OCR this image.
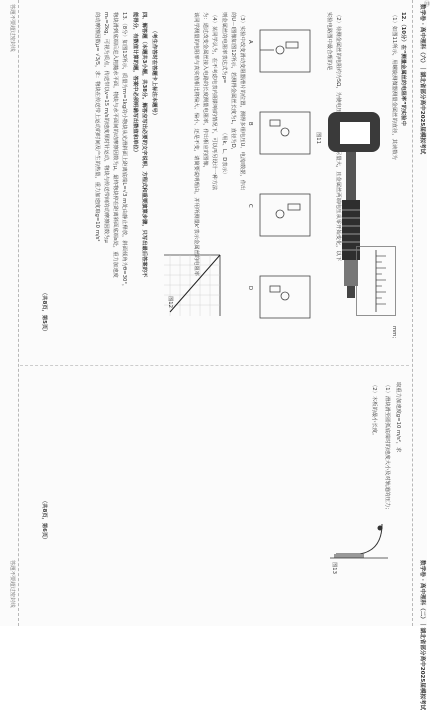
数学卷 · 高中理科（六）｜湖北省部分高中2025届模拟考试 ⑬
数学卷 · 高中理科（二）｜湖北省部分高中2025届模拟考试
答题不要超过密封线
答题不要超过密封线
12.（10分）在“测量金属丝的电阻率”的实验中
（1）如图11所示，用螺旋测微器测量金属丝的直径，其读数为
mm；
实验电路图中最合理的是
（3）实验中改变滑动变阻器滑片的位置，测得多组电压U、电流I数据，作出
的U－I图像如图12所示，若测得金属丝长度为L，直径为D，
则金属丝的电阻率表达式为ρ=
（用k、L、D表示）
（4）某同学认为，在不考虑电表内阻影响的情况下，可以再另设计一种方法
为：通过改变金属丝接入电路的长度测量电阻率，作出相应的图像，
该同学测量的电阻率与真实值相比将偏大、偏小、还是不变，请简要说明理由，并用所测量k'表示金属丝的电阻率
（考生作答时在答题卡上标注本题号）
四、解答题（本题共3小题，共38分。解答应写出必要的文字说明、方程式和重要演算步骤，只写出最后答案的不
能得分，有数值计算的题，答案中必须明确写出数值和单位）
13.（8分）如图13所示，质量为m=1kg的小物块从光滑斜面上距离底端L=√3 m处由静止释放，斜面倾角为θ=30°，
物块滑到底端后进入粗糙水平面，物块与水平面间的动摩擦因数为μ，最终物块停在距离斜面底端s处，重力加速度
m₀=2kg，可视为质点，传送带以v=15 m/s的速度顺时针运动，物块与传送带间的动摩擦因数为μ
的动摩擦因数μ= √3/5，求：物块在传送带上运动的时间及产生的热量，重力加速度取g=10 m/s²
（共8页，第5页）
图11
A
B
C
D
图12
取重力加速度g=10 m/s²，求
（1）滑块滑至圆弧底端时的速度大小及对轨道的压力；
（2）木板的最小长度。
图13
（共8页，第6页）
